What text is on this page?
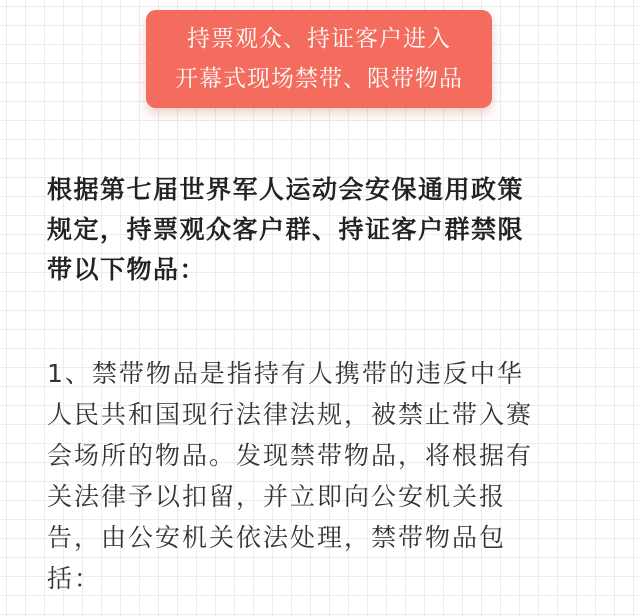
持票观众、持证客户进入
开幕式现场禁带、限带物品
根据第七届世界军人运动会安保通用政策
规定，持票观众客户群、持证客户群禁限
带以下物品：
1、禁带物品是指持有人携带的违反中华
人民共和国现行法律法规，被禁止带入赛
会场所的物品。发现禁带物品，将根据有
关法律予以扣留，并立即向公安机关报
告，由公安机关依法处理，禁带物品包
括：
